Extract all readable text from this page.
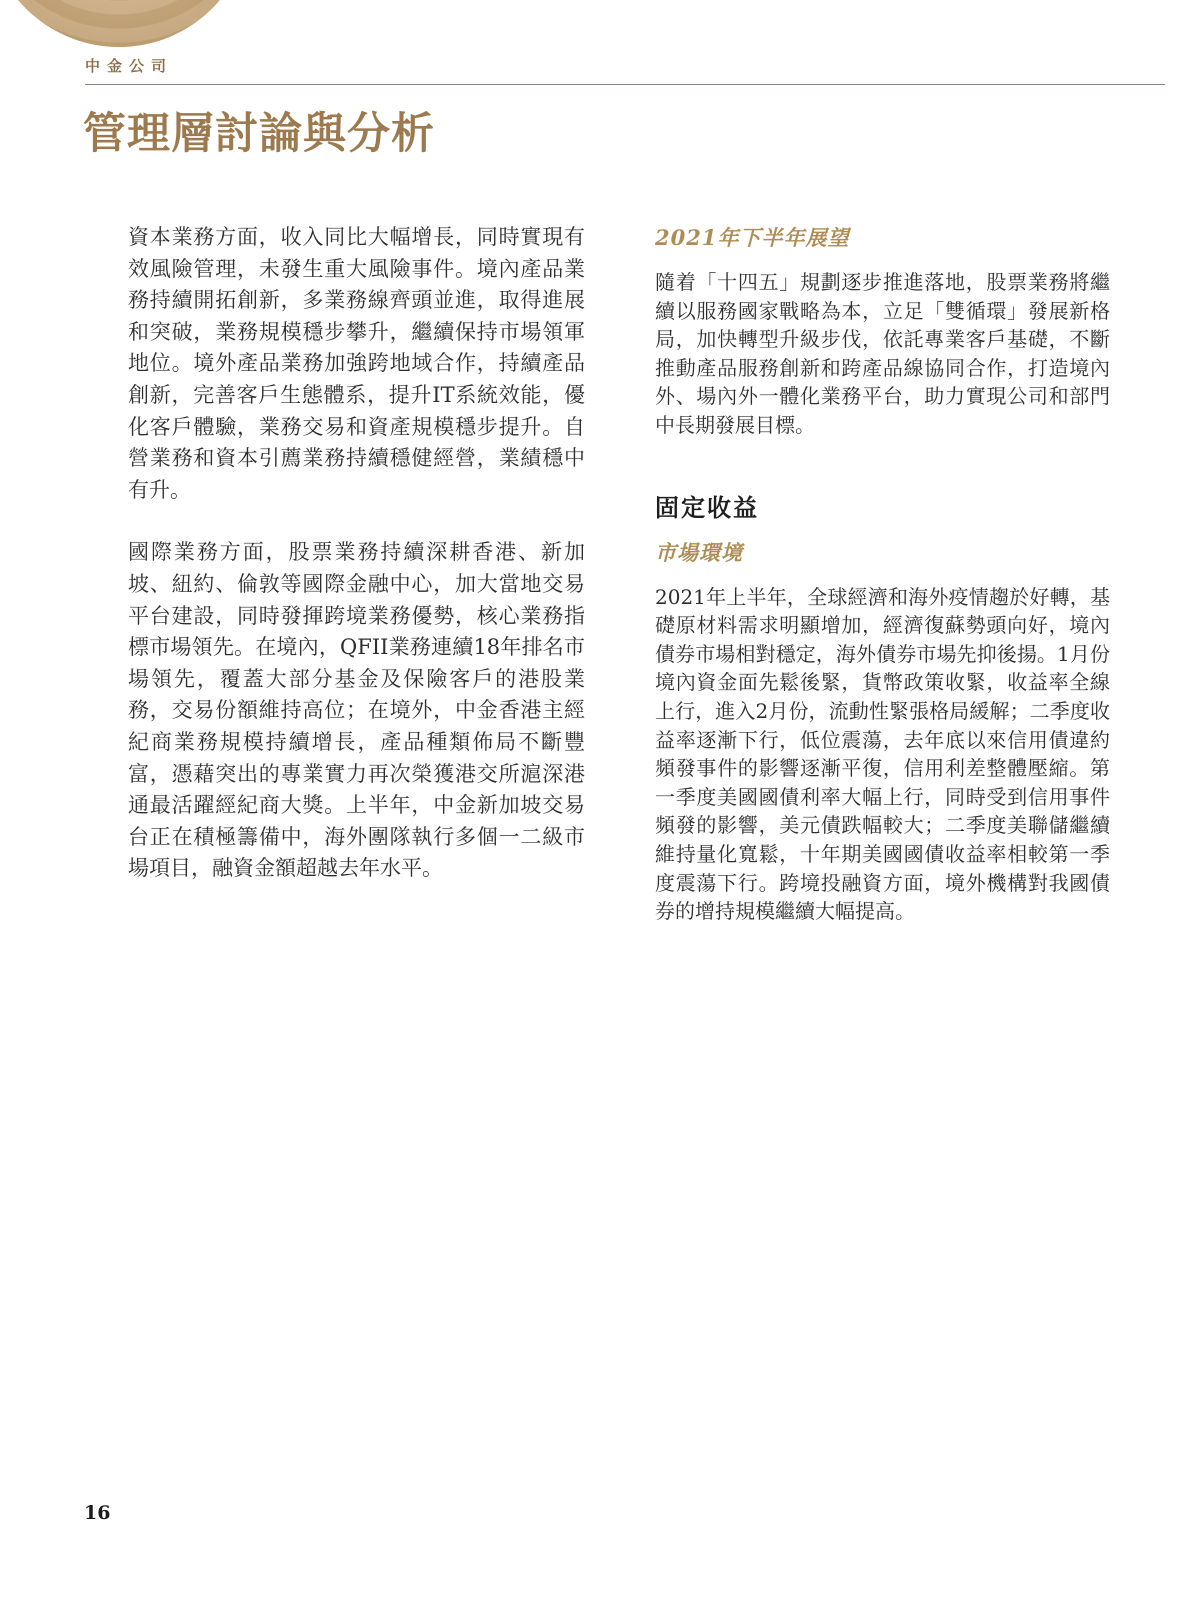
中金公司
管理層討論與分析

資本業務方面，收入同比大幅增長，同時實現有效風險管理，未發生重大風險事件。境內產品業務持續開拓創新，多業務線齊頭並進，取得進展和突破，業務規模穩步攀升，繼續保持市場領軍地位。境外產品業務加強跨地域合作，持續產品創新，完善客戶生態體系，提升IT系統效能，優化客戶體驗，業務交易和資產規模穩步提升。自營業務和資本引薦業務持續穩健經營，業績穩中有升。

國際業務方面，股票業務持續深耕香港、新加坡、紐約、倫敦等國際金融中心，加大當地交易平台建設，同時發揮跨境業務優勢，核心業務指標市場領先。在境內，QFII業務連續18年排名市場領先，覆蓋大部分基金及保險客戶的港股業務，交易份額維持高位；在境外，中金香港主經紀商業務規模持續增長，產品種類佈局不斷豐富，憑藉突出的專業實力再次榮獲港交所滬深港通最活躍經紀商大獎。上半年，中金新加坡交易台正在積極籌備中，海外團隊執行多個一二級市場項目，融資金額超越去年水平。

2021年下半年展望

隨着「十四五」規劃逐步推進落地，股票業務將繼續以服務國家戰略為本，立足「雙循環」發展新格局，加快轉型升級步伐，依託專業客戶基礎，不斷推動產品服務創新和跨產品線協同合作，打造境內外、場內外一體化業務平台，助力實現公司和部門中長期發展目標。

固定收益
市場環境

2021年上半年，全球經濟和海外疫情趨於好轉，基礎原材料需求明顯增加，經濟復蘇勢頭向好，境內債券市場相對穩定，海外債券市場先抑後揚。1月份境內資金面先鬆後緊，貨幣政策收緊，收益率全線上行，進入2月份，流動性緊張格局緩解；二季度收益率逐漸下行，低位震蕩，去年底以來信用債違約頻發事件的影響逐漸平復，信用利差整體壓縮。第一季度美國國債利率大幅上行，同時受到信用事件頻發的影響，美元債跌幅較大；二季度美聯儲繼續維持量化寬鬆，十年期美國國債收益率相較第一季度震蕩下行。跨境投融資方面，境外機構對我國債券的增持規模繼續大幅提高。

16
